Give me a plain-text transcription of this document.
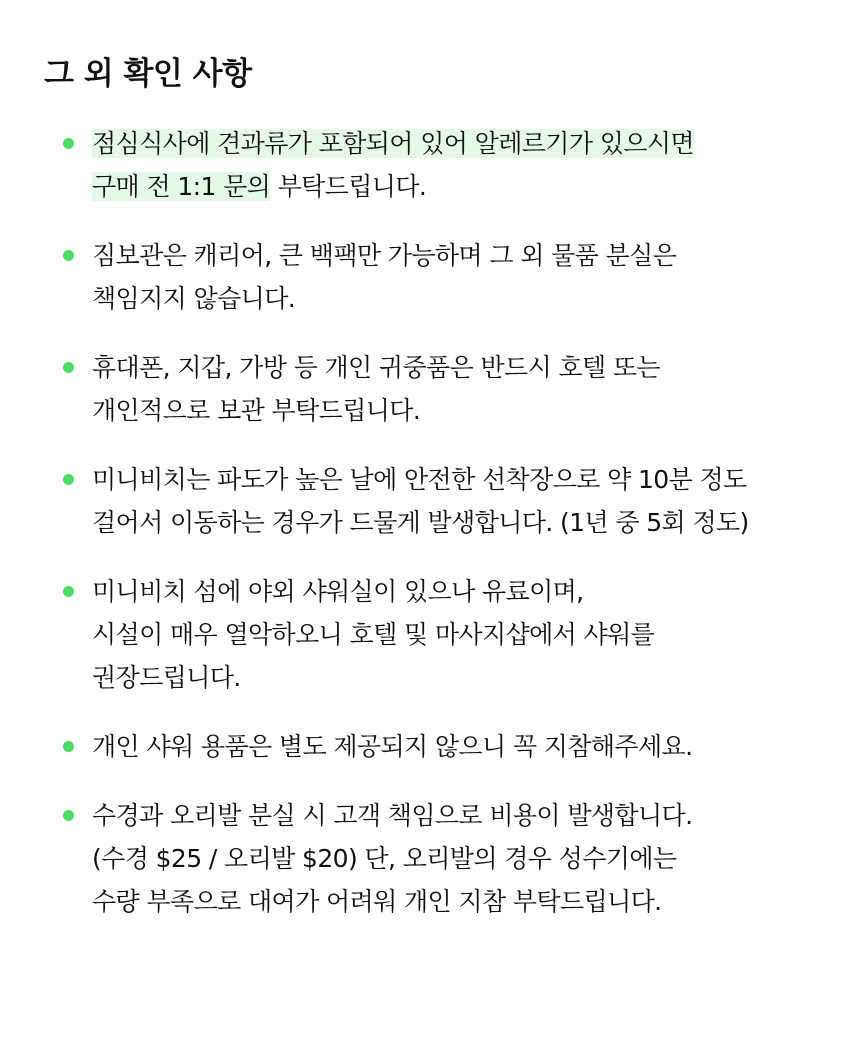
그 외 확인 사항
점심식사에 견과류가 포함되어 있어 알레르기가 있으시면
구매 전 1:1 문의 부탁드립니다.
짐보관은 캐리어, 큰 백팩만 가능하며 그 외 물품 분실은
책임지지 않습니다.
휴대폰, 지갑, 가방 등 개인 귀중품은 반드시 호텔 또는
개인적으로 보관 부탁드립니다.
미니비치는 파도가 높은 날에 안전한 선착장으로 약 10분 정도
걸어서 이동하는 경우가 드물게 발생합니다. (1년 중 5회 정도)
미니비치 섬에 야외 샤워실이 있으나 유료이며,
시설이 매우 열악하오니 호텔 및 마사지샵에서 샤워를
권장드립니다.
개인 샤워 용품은 별도 제공되지 않으니 꼭 지참해주세요.
수경과 오리발 분실 시 고객 책임으로 비용이 발생합니다.
(수경 $25 / 오리발 $20) 단, 오리발의 경우 성수기에는
수량 부족으로 대여가 어려워 개인 지참 부탁드립니다.
